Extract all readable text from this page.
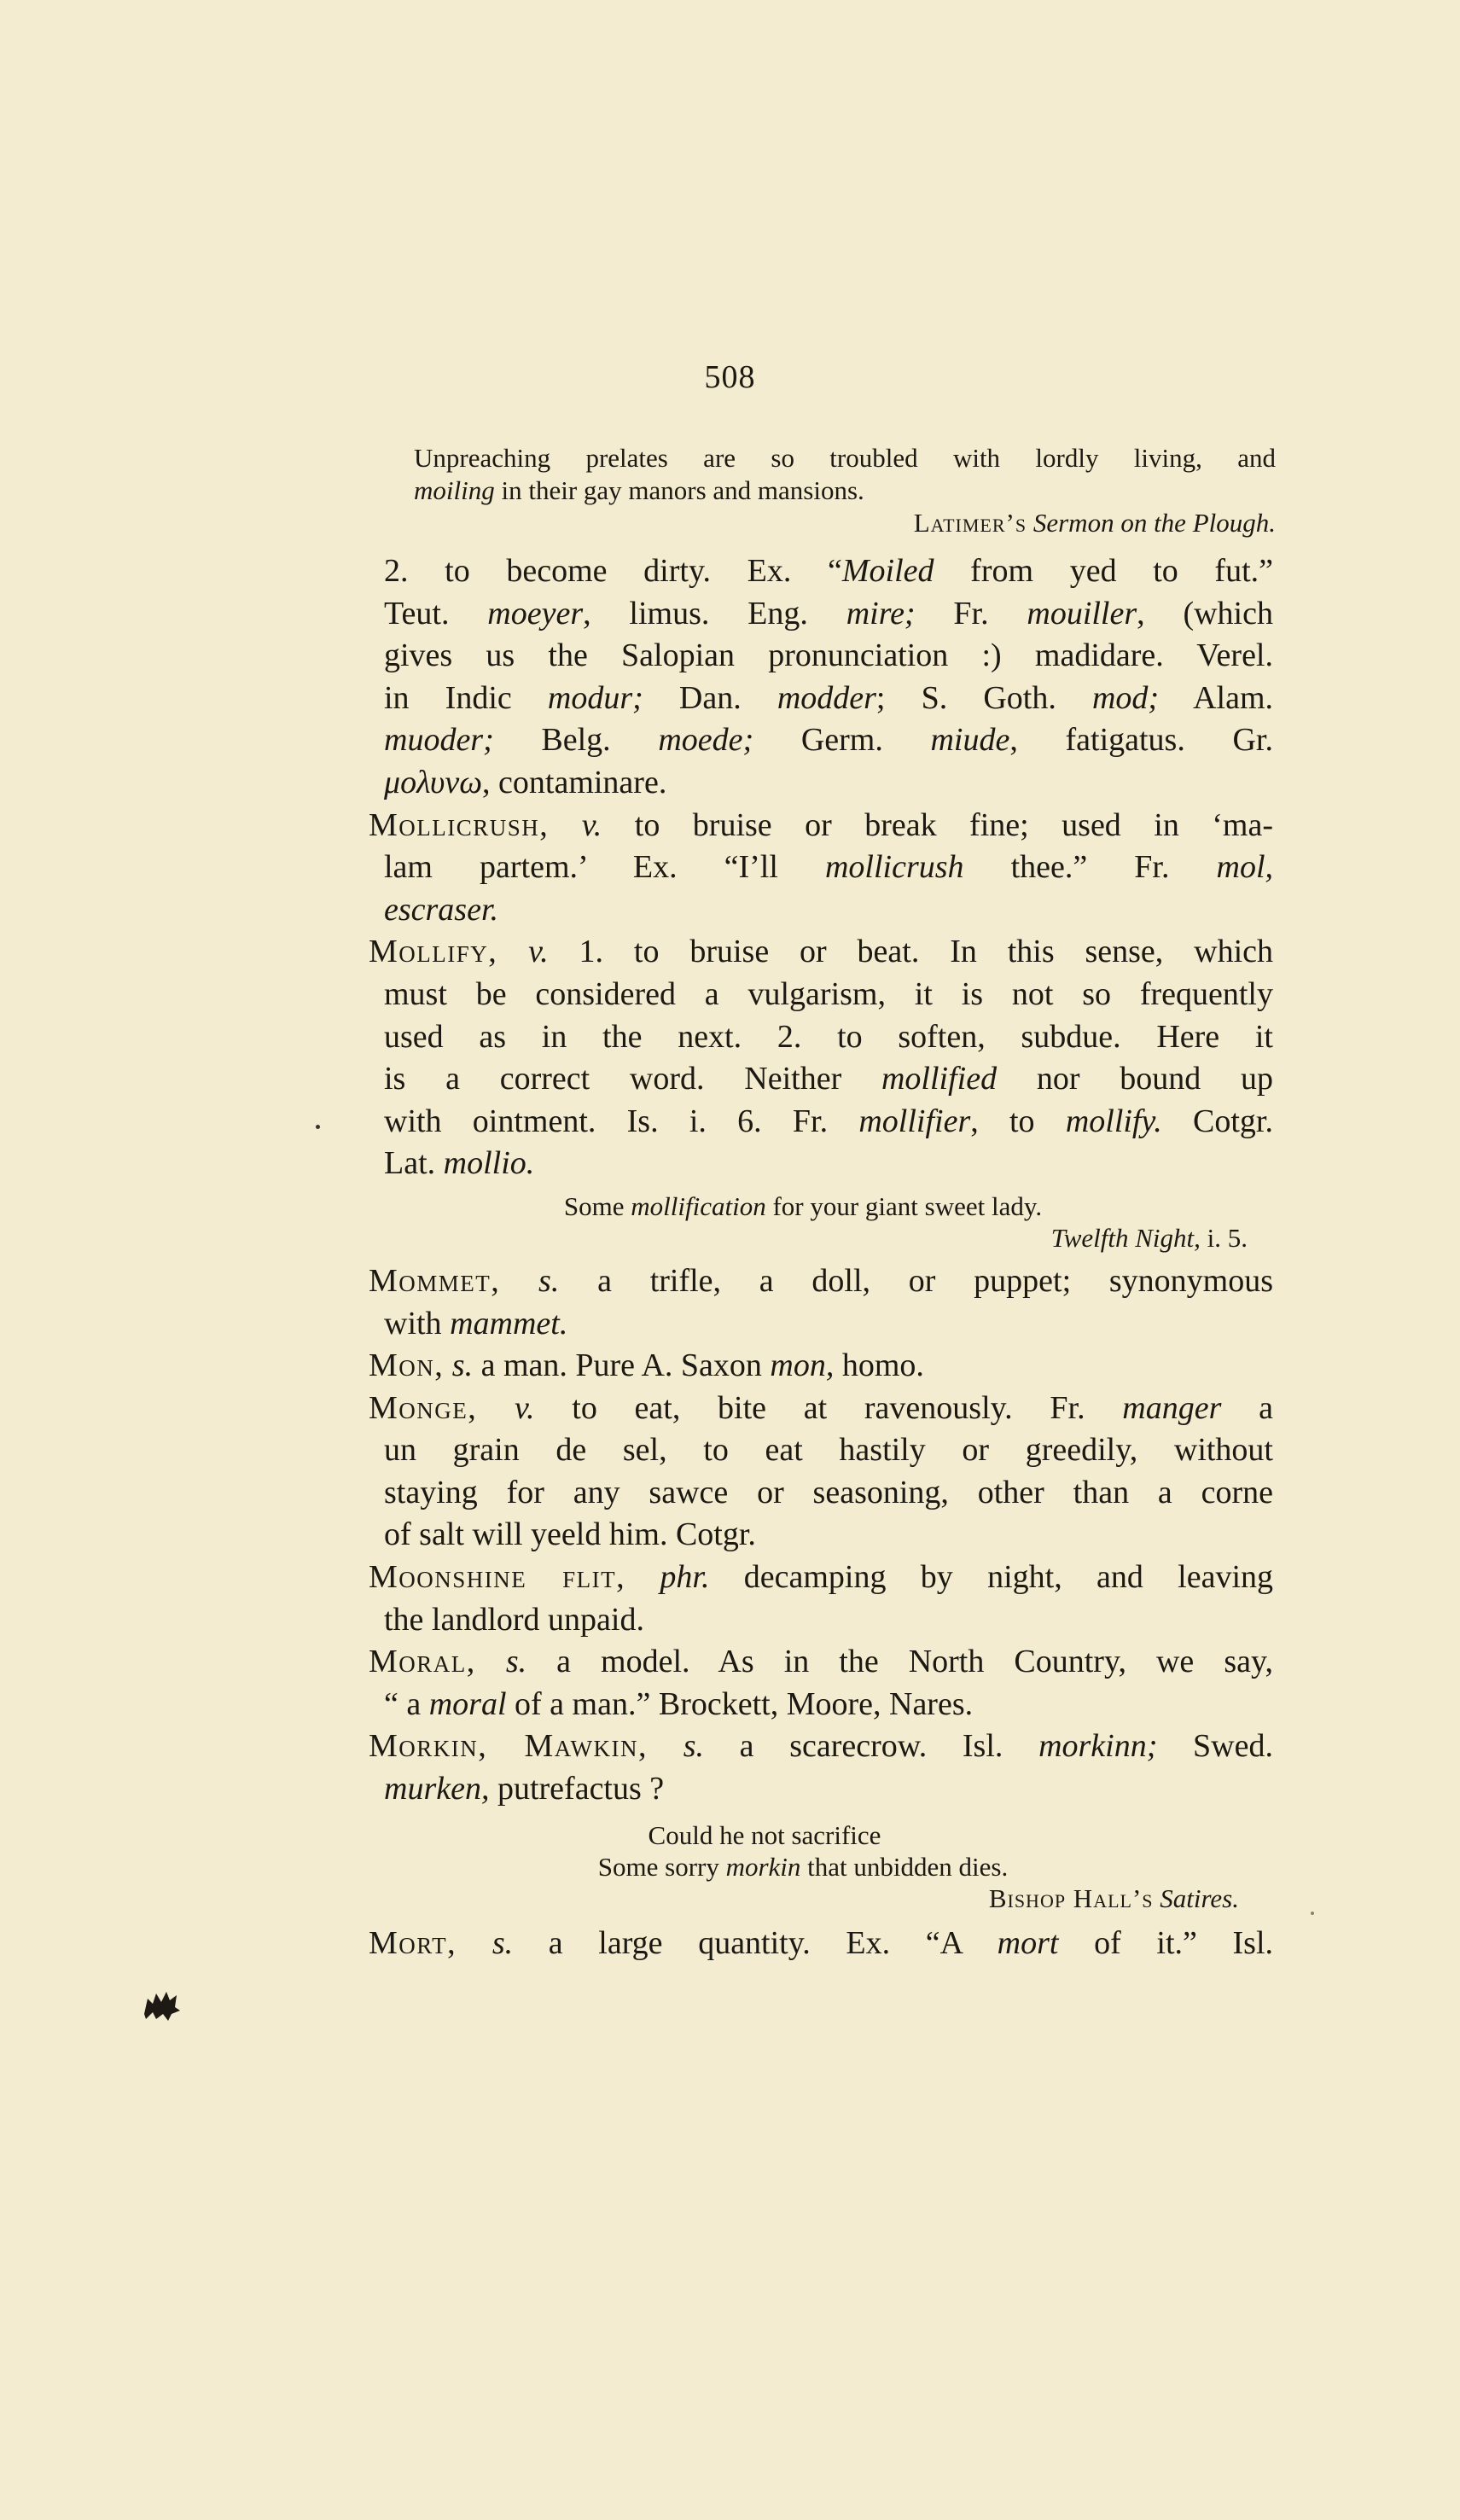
508
Unpreaching prelates are so troubled with lordly living, and
moiling in their gay manors and mansions.
Latimer’s Sermon on the Plough.
2. to become dirty. Ex. “Moiled from yed to fut.”
Teut. moeyer, limus. Eng. mire; Fr. mouiller, (which
gives us the Salopian pronunciation :) madidare. Verel.
in Indic modur; Dan. modder; S. Goth. mod; Alam.
muoder; Belg. moede; Germ. miude, fatigatus. Gr.
μολυνω, contaminare.
Mollicrush, v. to bruise or break fine; used in ‘ma-
lam partem.’ Ex. “I’ll mollicrush thee.” Fr. mol,
escraser.
Mollify, v. 1. to bruise or beat. In this sense, which
must be considered a vulgarism, it is not so frequently
used as in the next. 2. to soften, subdue. Here it
is a correct word. Neither mollified nor bound up
with ointment. Is. i. 6. Fr. mollifier, to mollify. Cotgr.
Lat. mollio.
Some mollification for your giant sweet lady.
Twelfth Night, i. 5.
Mommet, s. a trifle, a doll, or puppet; synonymous
with mammet.
Mon, s. a man. Pure A. Saxon mon, homo.
Monge, v. to eat, bite at ravenously. Fr. manger a
un grain de sel, to eat hastily or greedily, without
staying for any sawce or seasoning, other than a corne
of salt will yeeld him. Cotgr.
Moonshine flit, phr. decamping by night, and leaving
the landlord unpaid.
Moral, s. a model. As in the North Country, we say,
“ a moral of a man.” Brockett, Moore, Nares.
Morkin, Mawkin, s. a scarecrow. Isl. morkinn; Swed.
murken, putrefactus ?
Could he not sacrifice
Some sorry morkin that unbidden dies.
Bishop Hall’s Satires.
Mort, s. a large quantity. Ex. “A mort of it.” Isl.
